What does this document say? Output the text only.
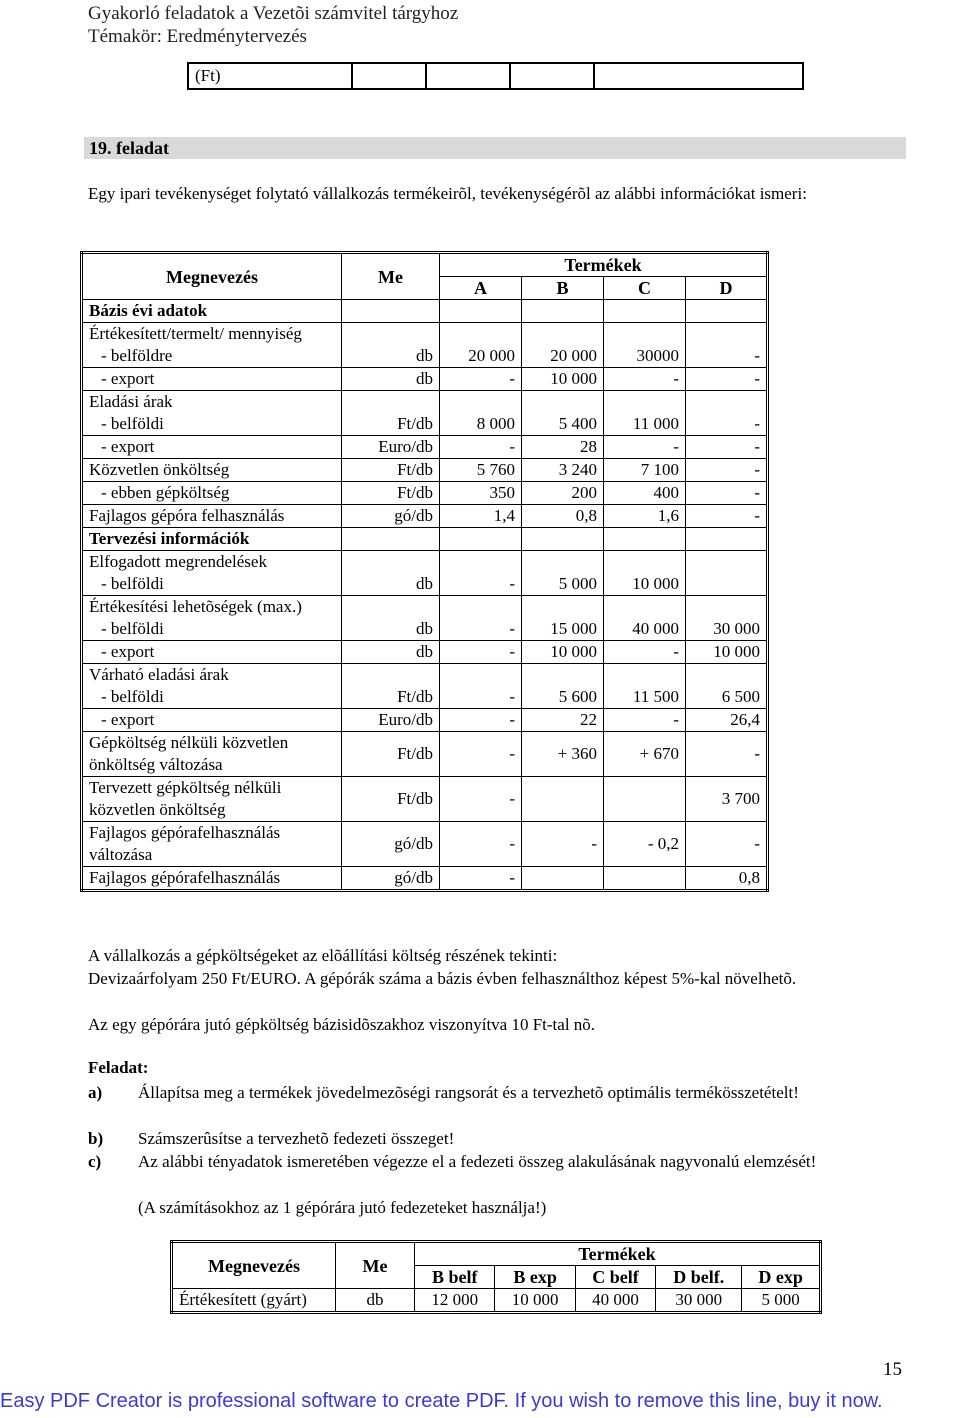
Gyakorló feladatok a Vezetõi számvitel tárgyhoz
Témakör: Eredménytervezés
(Ft)				
19. feladat
Egy ipari tevékenységet folytató vállalkozás termékeirõl, tevékenységérõl az alábbi információkat ismeri:
Megnevezés	Me	Termékek			
		A	B	C	D
Bázis évi adatok					
Értékesített/termelt/ mennyiség					
- belföldre	db	20 000	20 000	30000	-
- export	db	-	10 000	-	-
Eladási árak					
- belföldi	Ft/db	8 000	5 400	11 000	-
- export	Euro/db	-	28	-	-
Közvetlen önköltség	Ft/db	5 760	3 240	7 100	-
- ebben gépköltség	Ft/db	350	200	400	-
Fajlagos gépóra felhasználás	gó/db	1,4	0,8	1,6	-
Tervezési információk					
Elfogadott megrendelések					
- belföldi	db	-	5 000	10 000	
Értékesítési lehetõségek (max.)					
- belföldi	db	-	15 000	40 000	30 000
- export	db	-	10 000	-	10 000
Várható eladási árak					
- belföldi	Ft/db	-	5 600	11 500	6 500
- export	Euro/db	-	22	-	26,4
Gépköltség nélküli közvetlen önköltség változása	Ft/db	-	+ 360	+ 670	-
Tervezett gépköltség nélküli közvetlen önköltség	Ft/db	-			3 700
Fajlagos gépórafelhasználás változása	gó/db	-	-	- 0,2	-
Fajlagos gépórafelhasználás	gó/db	-			0,8
A vállalkozás a gépköltségeket az elõállítási költség részének tekinti:
Devizaárfolyam 250 Ft/EURO. A gépórák száma a bázis évben felhasználthoz képest 5%-kal növelhetõ.
Az egy gépórára jutó gépköltség bázisidõszakhoz viszonyítva 10 Ft-tal nõ.
Feladat:
a) Állapítsa meg a termékek jövedelmezõségi rangsorát és a tervezhetõ optimális termékösszetételt!
b) Számszerûsítse a tervezhetõ fedezeti összeget!
c) Az alábbi tényadatok ismeretében végezze el a fedezeti összeg alakulásának nagyvonalú elemzését!
(A számításokhoz az 1 gépórára jutó fedezeteket használja!)
Megnevezés	Me	Termékek				
		B belf	B exp	C belf	D belf.	D exp
Értékesített (gyárt)	db	12 000	10 000	40 000	30 000	5 000
15
Easy PDF Creator is professional software to create PDF. If you wish to remove this line, buy it now.
